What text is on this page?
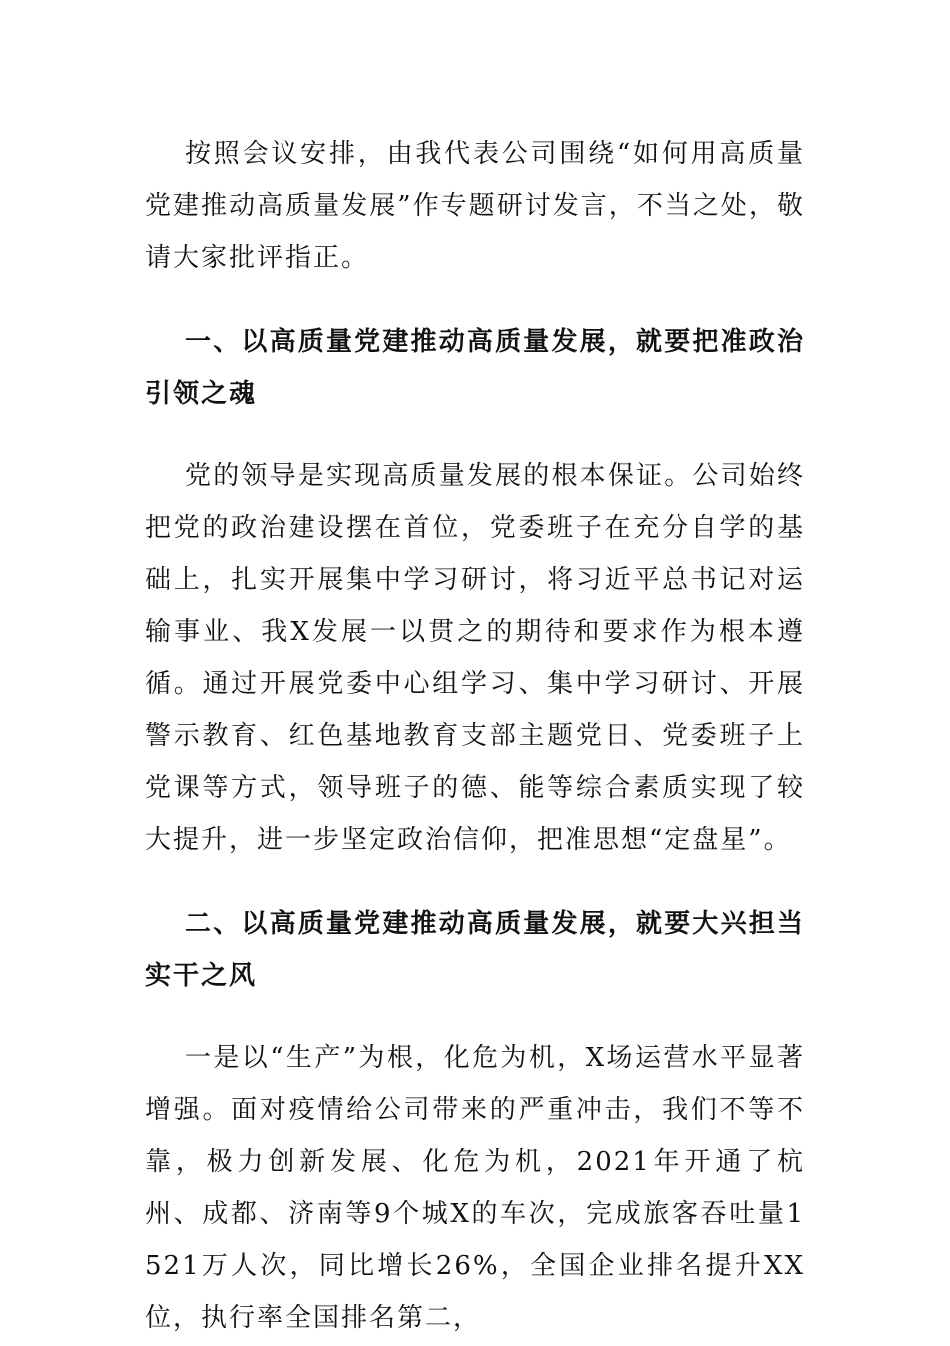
按照会议安排，由我代表公司围绕“如何用高质量党建推动高质量发展”作专题研讨发言，不当之处，敬请大家批评指正。

一、以高质量党建推动高质量发展，就要把准政治引领之魂

党的领导是实现高质量发展的根本保证。公司始终把党的政治建设摆在首位，党委班子在充分自学的基础上，扎实开展集中学习研讨，将习近平总书记对运输事业、我X发展一以贯之的期待和要求作为根本遵循。通过开展党委中心组学习、集中学习研讨、开展警示教育、红色基地教育支部主题党日、党委班子上党课等方式，领导班子的德、能等综合素质实现了较大提升，进一步坚定政治信仰，把准思想“定盘星”。

二、以高质量党建推动高质量发展，就要大兴担当实干之风

一是以“生产”为根，化危为机，X场运营水平显著增强。面对疫情给公司带来的严重冲击，我们不等不靠，极力创新发展、化危为机，2021年开通了杭州、成都、济南等9个城X的车次，完成旅客吞吐量1521万人次，同比增长26%，全国企业排名提升XX位，执行率全国排名第二，
